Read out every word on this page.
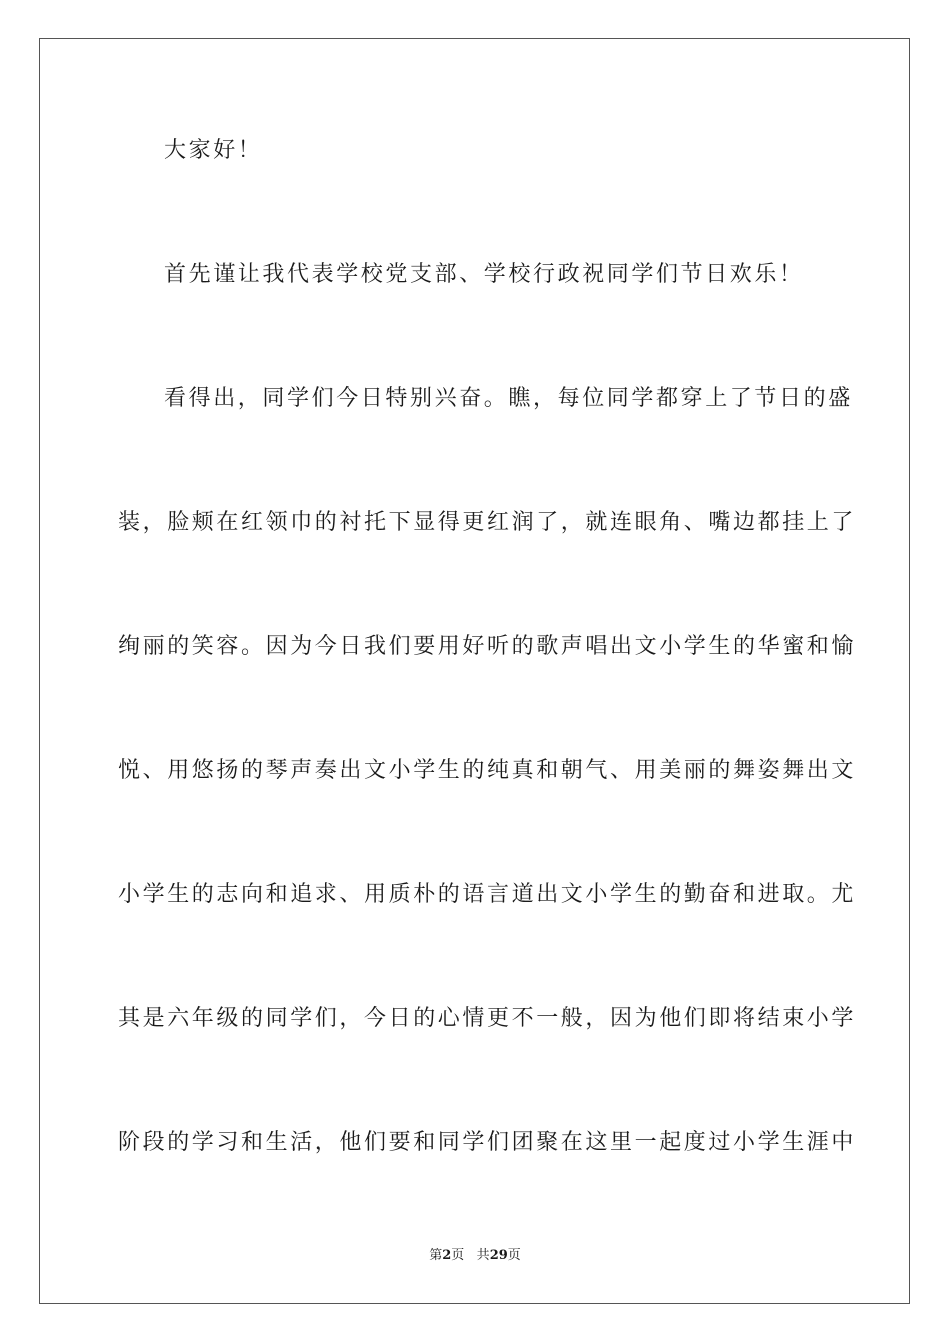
大家好！
首先谨让我代表学校党支部、学校行政祝同学们节日欢乐！
看得出，同学们今日特别兴奋。瞧，每位同学都穿上了节日的盛
装，脸颊在红领巾的衬托下显得更红润了，就连眼角、嘴边都挂上了
绚丽的笑容。因为今日我们要用好听的歌声唱出文小学生的华蜜和愉
悦、用悠扬的琴声奏出文小学生的纯真和朝气、用美丽的舞姿舞出文
小学生的志向和追求、用质朴的语言道出文小学生的勤奋和进取。尤
其是六年级的同学们，今日的心情更不一般，因为他们即将结束小学
阶段的学习和生活，他们要和同学们团聚在这里一起度过小学生涯中
第2页 共29页
